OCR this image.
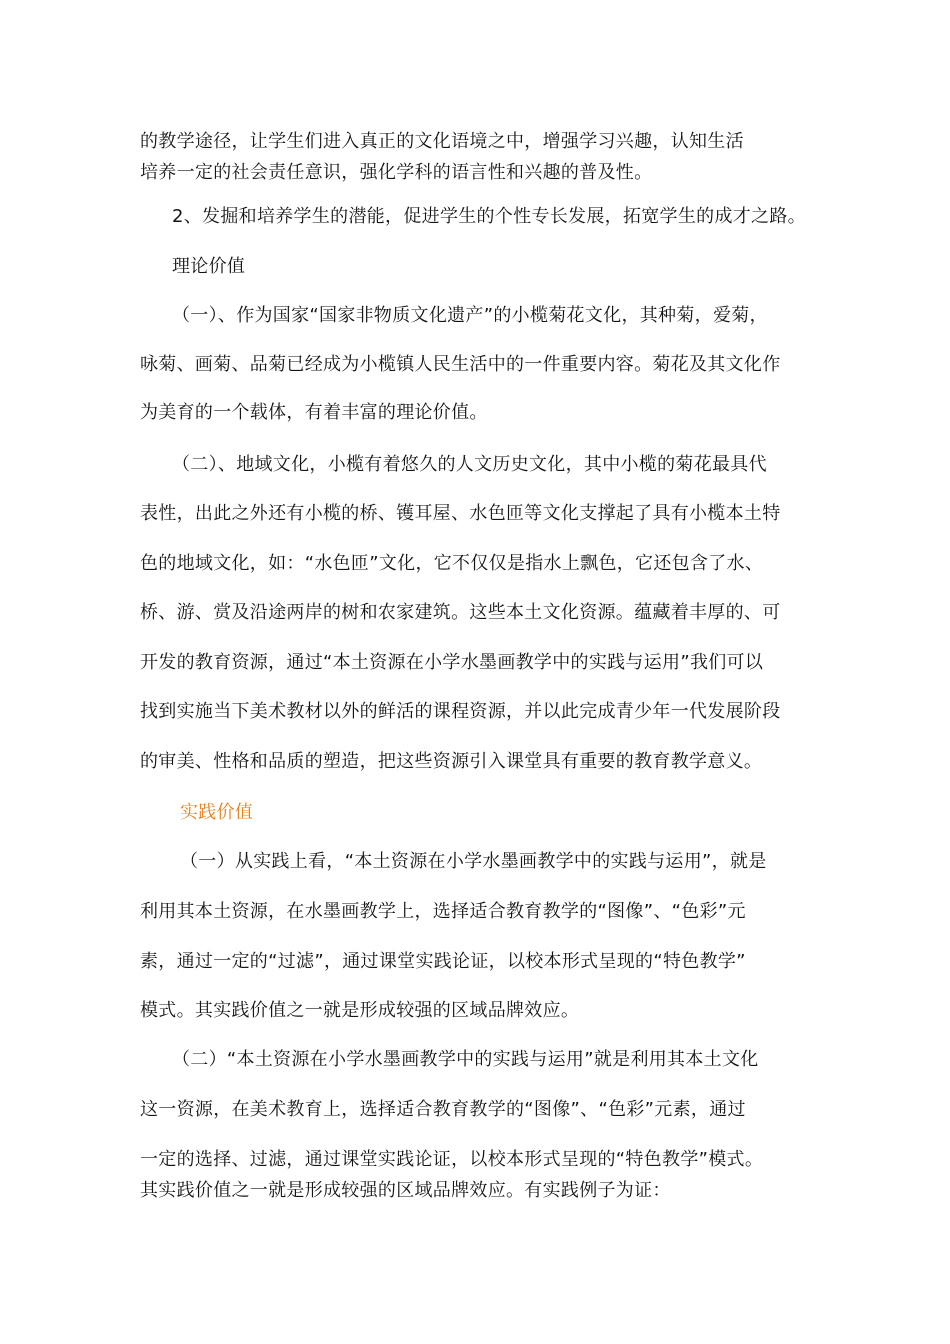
的教学途径，让学生们进入真正的文化语境之中，增强学习兴趣，认知生活

培养一定的社会责任意识，强化学科的语言性和兴趣的普及性。

2、发掘和培养学生的潜能，促进学生的个性专长发展，拓宽学生的成才之路。

理论价值

（一）、作为国家“国家非物质文化遗产”的小榄菊花文化，其种菊，爱菊，

咏菊、画菊、品菊已经成为小榄镇人民生活中的一件重要内容。菊花及其文化作

为美育的一个载体，有着丰富的理论价值。

（二）、地域文化，小榄有着悠久的人文历史文化，其中小榄的菊花最具代

表性，出此之外还有小榄的桥、镬耳屋、水色匝等文化支撑起了具有小榄本土特

色的地域文化，如：“水色匝”文化，它不仅仅是指水上飘色，它还包含了水、

桥、游、赏及沿途两岸的树和农家建筑。这些本土文化资源。蕴藏着丰厚的、可

开发的教育资源，通过“本土资源在小学水墨画教学中的实践与运用”我们可以

找到实施当下美术教材以外的鲜活的课程资源，并以此完成青少年一代发展阶段

的审美、性格和品质的塑造，把这些资源引入课堂具有重要的教育教学意义。

实践价值

（一）从实践上看，“本土资源在小学水墨画教学中的实践与运用”，就是

利用其本土资源，在水墨画教学上，选择适合教育教学的“图像”、“色彩”元

素，通过一定的“过滤”，通过课堂实践论证，以校本形式呈现的“特色教学”

模式。其实践价值之一就是形成较强的区域品牌效应。

（二）“本土资源在小学水墨画教学中的实践与运用”就是利用其本土文化

这一资源，在美术教育上，选择适合教育教学的“图像”、“色彩”元素，通过

一定的选择、过滤，通过课堂实践论证，以校本形式呈现的“特色教学”模式。

其实践价值之一就是形成较强的区域品牌效应。有实践例子为证：
